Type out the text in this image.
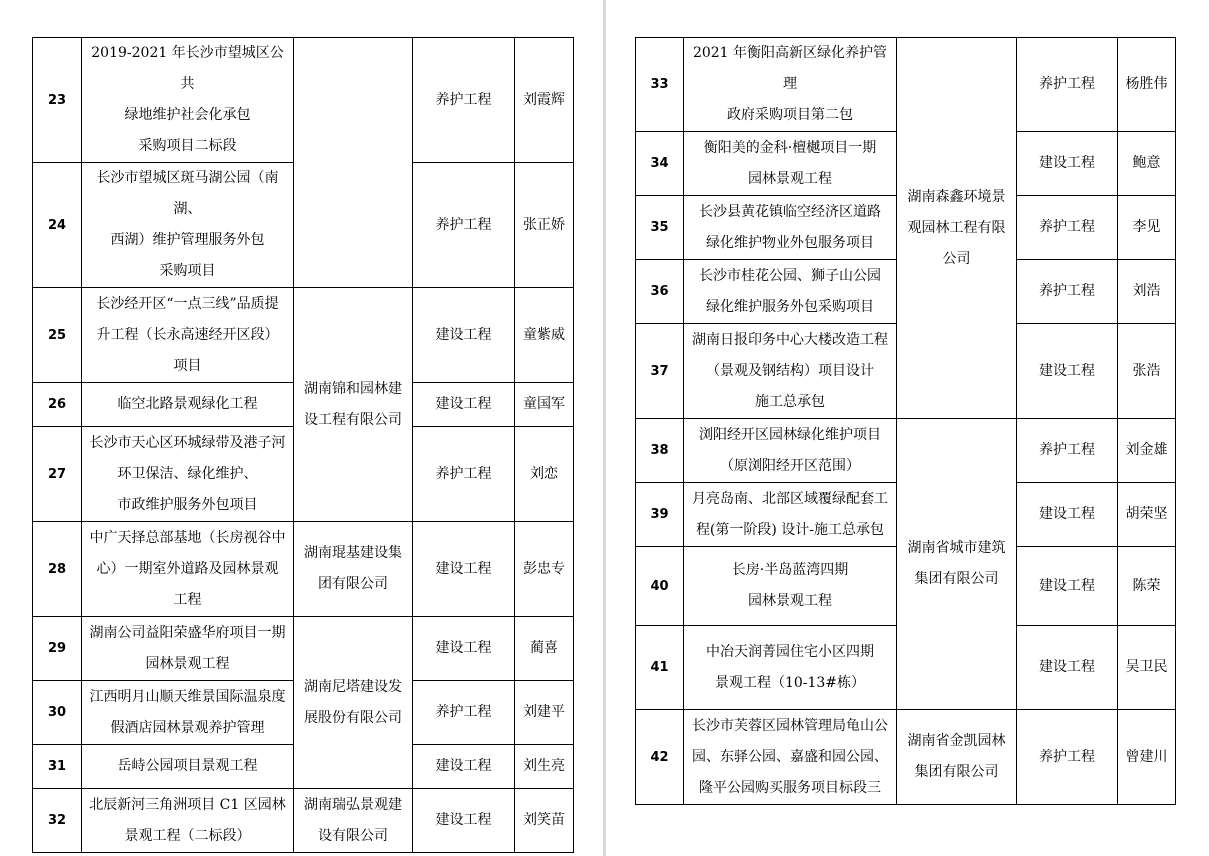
23	2019-2021 年长沙市望城区公共
绿地维护社会化承包
采购项目二标段		养护工程	刘霞辉
24	长沙市望城区斑马湖公园（南湖、
西湖）维护管理服务外包
采购项目		养护工程	张正娇
25	长沙经开区“一点三线”品质提
升工程（长永高速经开区段）
项目	湖南锦和园林建
设工程有限公司	建设工程	童紫威
26	临空北路景观绿化工程		建设工程	童国军
27	长沙市天心区环城绿带及港子河
环卫保洁、绿化维护、
市政维护服务外包项目		养护工程	刘恋
28	中广天择总部基地（长房视谷中
心）一期室外道路及园林景观
工程	湖南琨基建设集
团有限公司	建设工程	彭忠专
29	湖南公司益阳荣盛华府项目一期
园林景观工程	湖南尼塔建设发
展股份有限公司	建设工程	蔺喜
30	江西明月山顺天维景国际温泉度
假酒店园林景观养护管理		养护工程	刘建平
31	岳峙公园项目景观工程		建设工程	刘生亮
32	北辰新河三角洲项目 C1 区园林
景观工程（二标段）	湖南瑞弘景观建
设有限公司	建设工程	刘笑苗
33	2021 年衡阳高新区绿化养护管理
政府采购项目第二包	湖南森鑫环境景
观园林工程有限
公司	养护工程	杨胜伟
34	衡阳美的金科·檀樾项目一期
园林景观工程		建设工程	鲍意
35	长沙县黄花镇临空经济区道路
绿化维护物业外包服务项目		养护工程	李见
36	长沙市桂花公园、狮子山公园
绿化维护服务外包采购项目		养护工程	刘浩
37	湖南日报印务中心大楼改造工程
（景观及钢结构）项目设计
施工总承包		建设工程	张浩
38	浏阳经开区园林绿化维护项目
（原浏阳经开区范围）	湖南省城市建筑
集团有限公司	养护工程	刘金雄
39	月亮岛南、北部区域覆绿配套工
程(第一阶段) 设计-施工总承包		建设工程	胡荣坚
40	长房·半岛蓝湾四期
园林景观工程		建设工程	陈荣
41	中冶天润菁园住宅小区四期
景观工程（10-13#栋）		建设工程	吴卫民
42	长沙市芙蓉区园林管理局龟山公
园、东驿公园、嘉盛和园公园、
隆平公园购买服务项目标段三	湖南省金凯园林
集团有限公司	养护工程	曾建川
